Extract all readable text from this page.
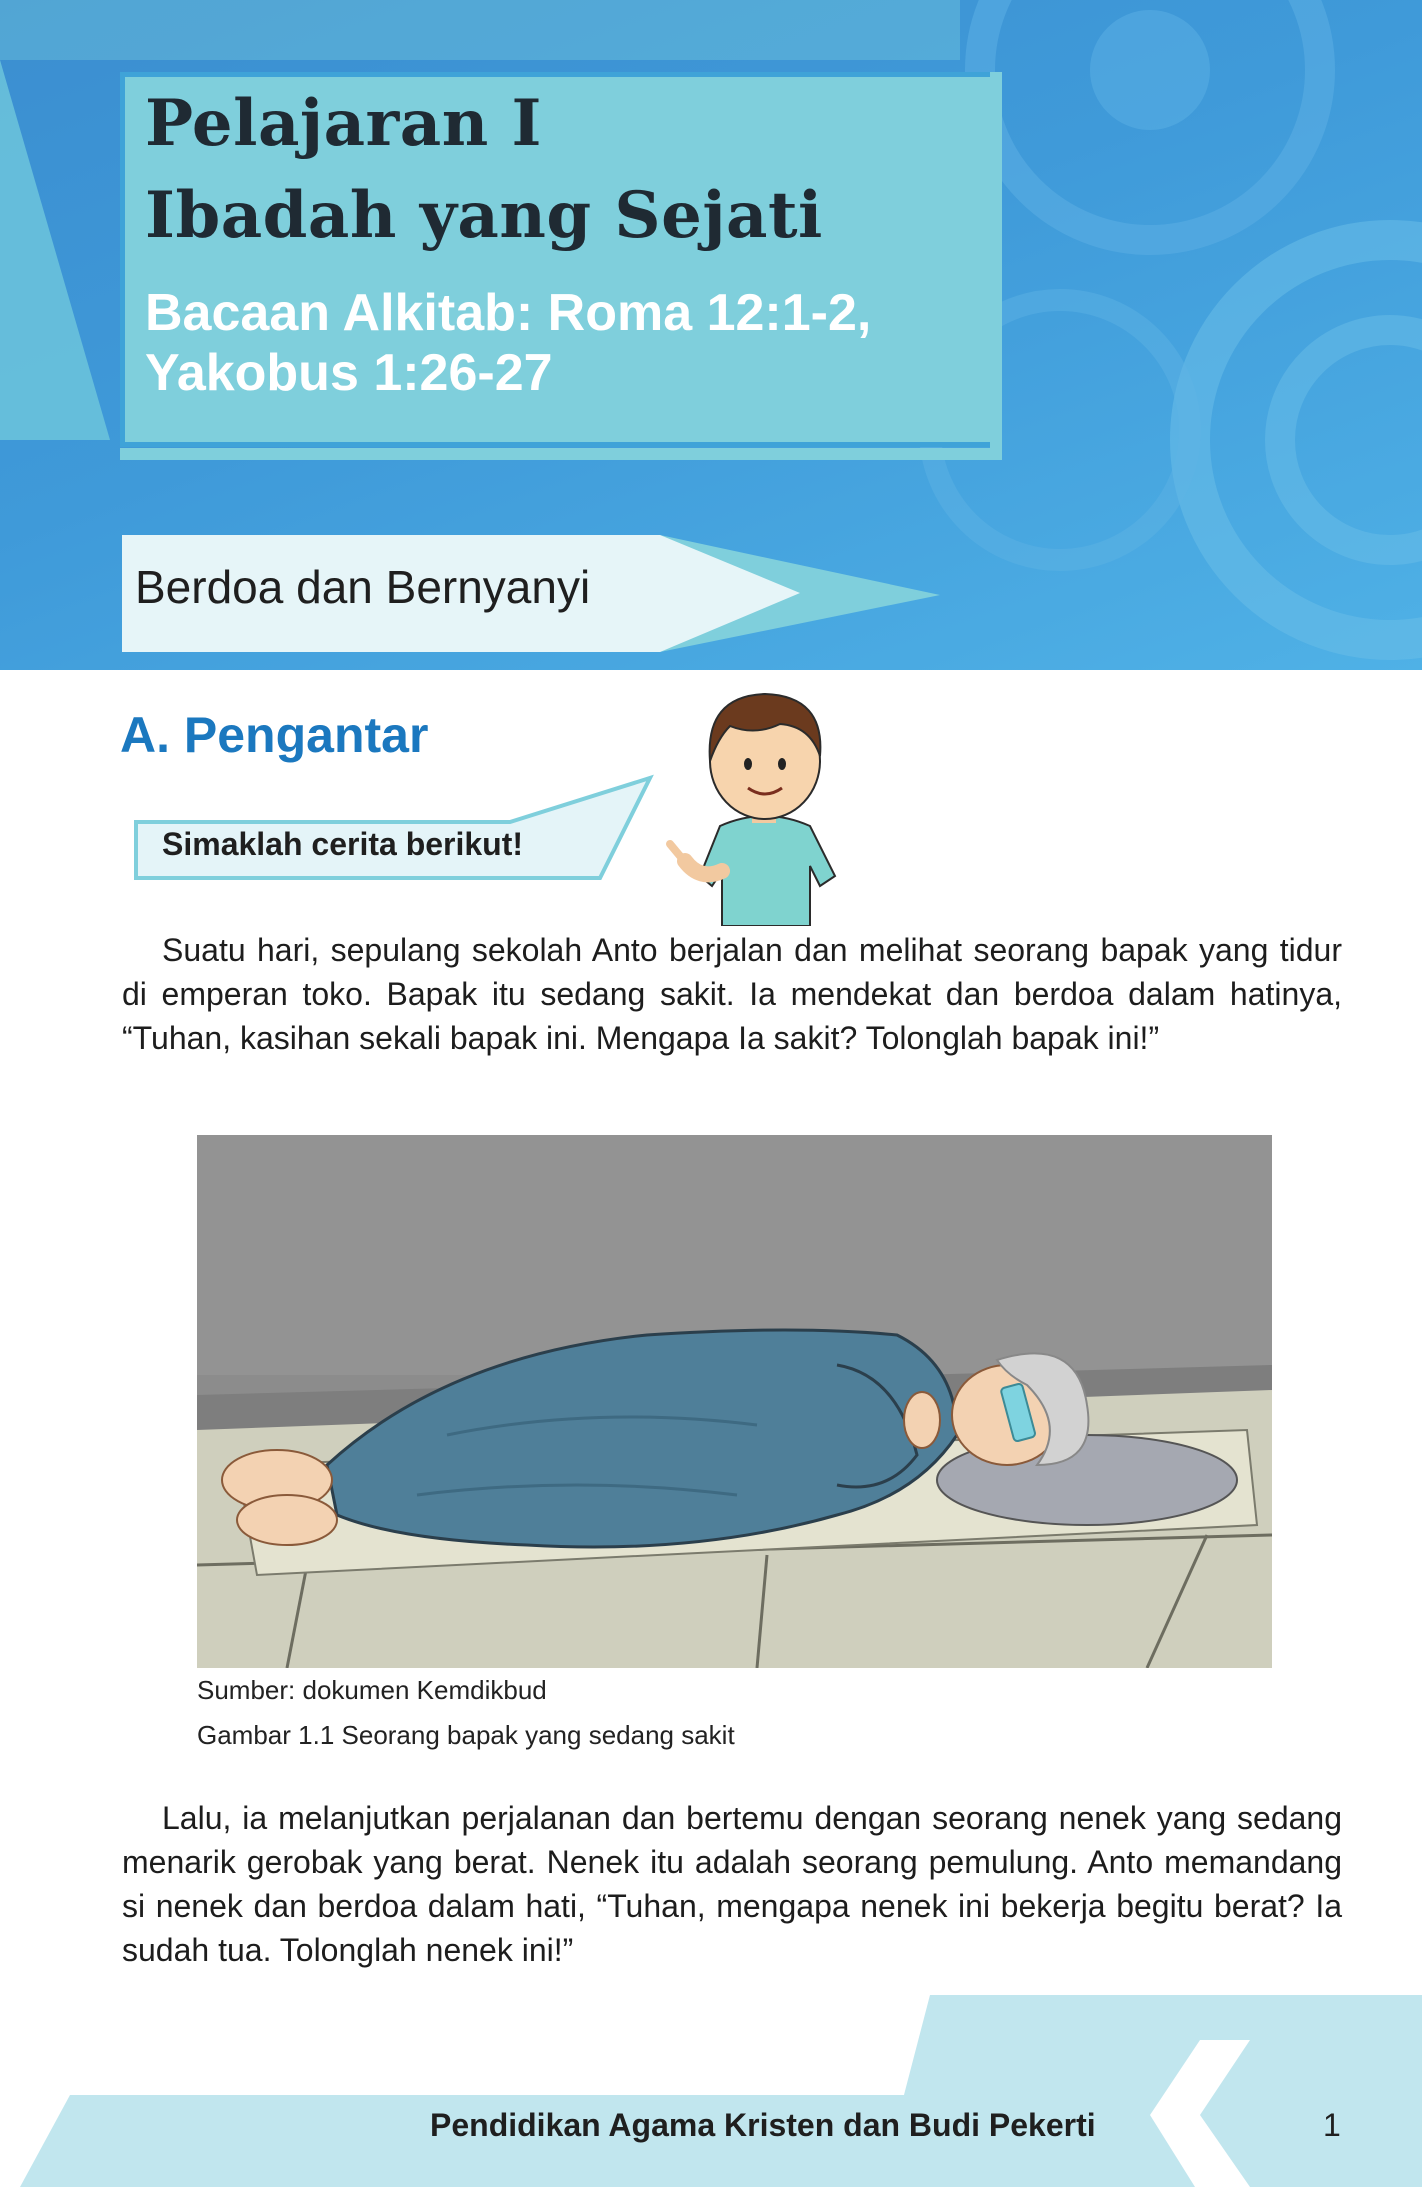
Pelajaran I
Ibadah yang Sejati
Bacaan Alkitab: Roma 12:1-2,
Yakobus 1:26-27
Berdoa dan Bernyanyi
A. Pengantar
Simaklah cerita berikut!
Suatu hari, sepulang sekolah Anto berjalan dan melihat seorang bapak yang tidur di emperan toko. Bapak itu sedang sakit. Ia mendekat dan berdoa dalam hatinya, “Tuhan, kasihan sekali bapak ini. Mengapa Ia sakit? Tolonglah bapak ini!”
Sumber: dokumen Kemdikbud
Gambar 1.1 Seorang bapak yang sedang sakit
Lalu, ia melanjutkan perjalanan dan bertemu dengan seorang nenek yang sedang menarik gerobak yang berat. Nenek itu adalah seorang pemulung. Anto memandang si nenek dan berdoa dalam hati, “Tuhan, mengapa nenek ini bekerja begitu berat? Ia sudah tua. Tolonglah nenek ini!”
Pendidikan Agama Kristen dan Budi Pekerti	1
